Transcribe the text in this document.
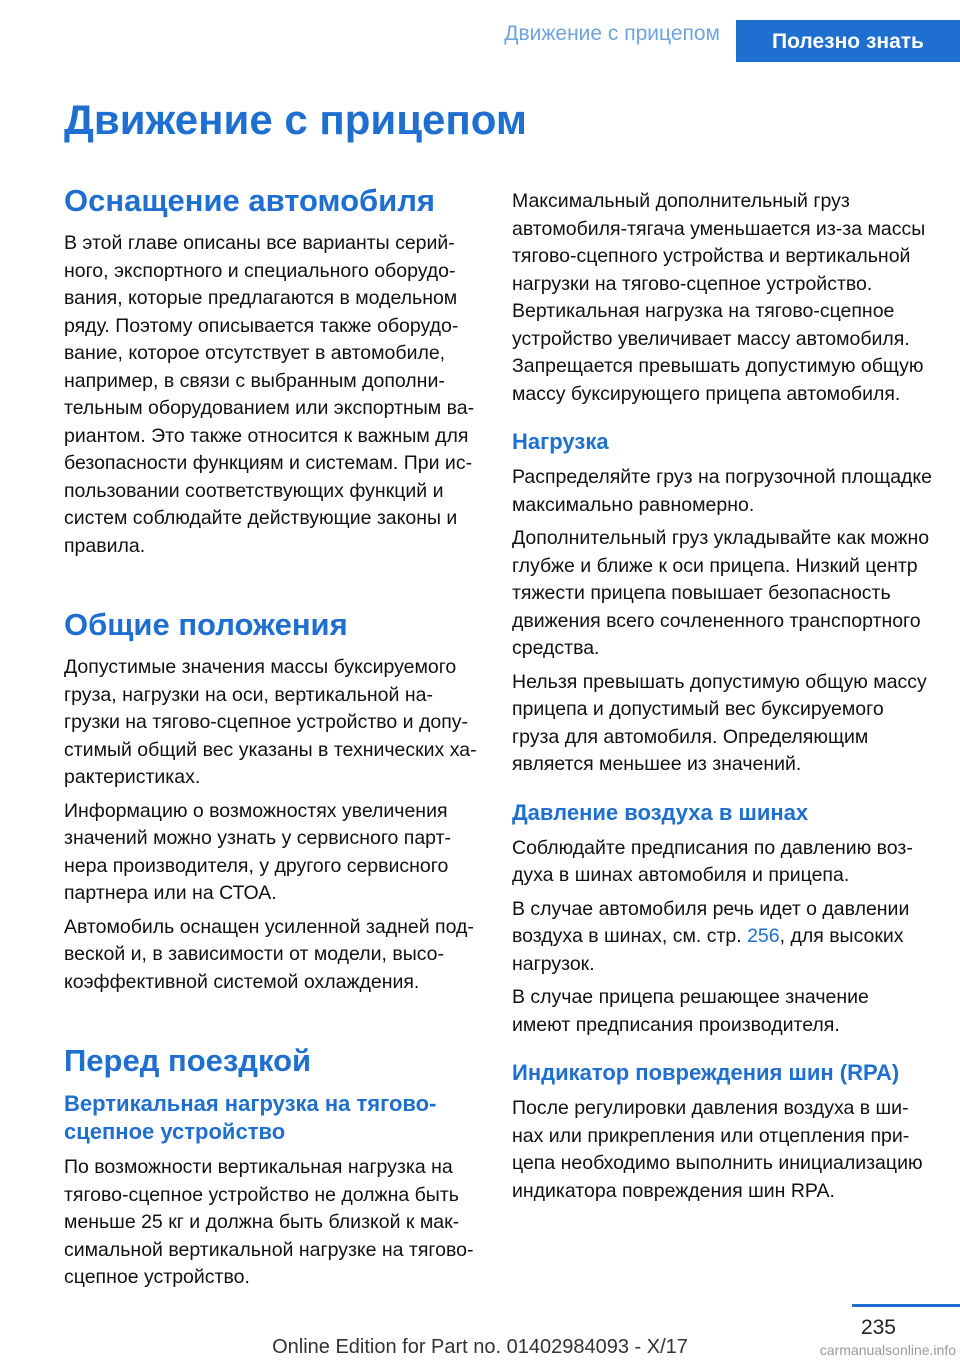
Движение с прицепом	Полезно знать
Движение с прицепом
Оснащение автомобиля

В этой главе описаны все варианты серийного, экспортного и специального оборудования, которые предлагаются в модельном ряду. Поэтому описывается также оборудование, которое отсутствует в автомобиле, например, в связи с выбранным дополнительным оборудованием или экспортным вариантом. Это также относится к важным для безопасности функциям и системам. При использовании соответствующих функций и систем соблюдайте действующие законы и правила.

Общие положения

Допустимые значения массы буксируемого груза, нагрузки на оси, вертикальной нагрузки на тягово-сцепное устройство и допустимый общий вес указаны в технических характеристиках.

Информацию о возможностях увеличения значений можно узнать у сервисного партнера производителя, у другого сервисного партнера или на СТОА.

Автомобиль оснащен усиленной задней подвеской и, в зависимости от модели, высокоэффективной системой охлаждения.

Перед поездкой
Вертикальная нагрузка на тягово-сцепное устройство

По возможности вертикальная нагрузка на тягово-сцепное устройство не должна быть меньше 25 кг и должна быть близкой к максимальной вертикальной нагрузке на тягово-сцепное устройство.

Максимальный дополнительный груз автомобиля-тягача уменьшается из-за массы тягово-сцепного устройства и вертикальной нагрузки на тягово-сцепное устройство. Вертикальная нагрузка на тягово-сцепное устройство увеличивает массу автомобиля. Запрещается превышать допустимую общую массу буксирующего прицепа автомобиля.

Нагрузка

Распределяйте груз на погрузочной площадке максимально равномерно.

Дополнительный груз укладывайте как можно глубже и ближе к оси прицепа. Низкий центр тяжести прицепа повышает безопасность движения всего сочлененного транспортного средства.

Нельзя превышать допустимую общую массу прицепа и допустимый вес буксируемого груза для автомобиля. Определяющим является меньшее из значений.

Давление воздуха в шинах

Соблюдайте предписания по давлению воздуха в шинах автомобиля и прицепа.

В случае автомобиля речь идет о давлении воздуха в шинах, см. стр. 256, для высоких нагрузок.

В случае прицепа решающее значение имеют предписания производителя.

Индикатор повреждения шин (RPA)

После регулировки давления воздуха в шинах или прикрепления или отцепления прицепа необходимо выполнить инициализацию индикатора повреждения шин RPA.

235
Online Edition for Part no. 01402984093 - X/17	carmanualsonline.info
